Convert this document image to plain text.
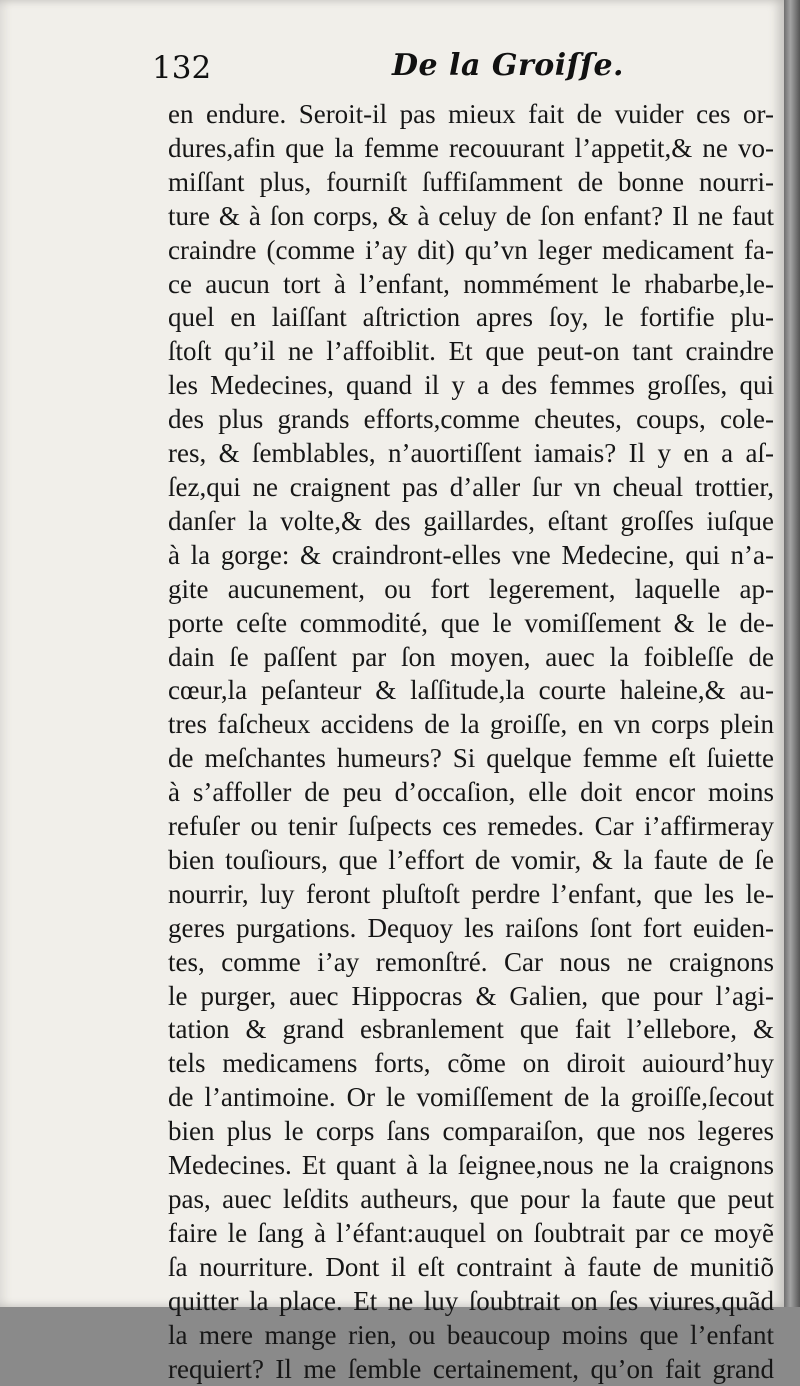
132	De la Groiſſe.
en endure. Seroit-il pas mieux fait de vuider ces or-
dures,afin que la femme recouurant l’appetit,& ne vo-
miſſant plus, fourniſt ſuffiſamment de bonne nourri-
ture & à ſon corps, & à celuy de ſon enfant? Il ne faut
craindre (comme i’ay dit) qu’vn leger medicament fa-
ce aucun tort à l’enfant, nommément le rhabarbe,le-
quel en laiſſant aſtriction apres ſoy, le fortifie plu-
ſtoſt qu’il ne l’affoiblit. Et que peut-on tant craindre
les Medecines, quand il y a des femmes groſſes, qui
des plus grands efforts,comme cheutes, coups, cole-
res, & ſemblables, n’auortiſſent iamais? Il y en a aſ-
ſez,qui ne craignent pas d’aller ſur vn cheual trottier,
danſer la volte,& des gaillardes, eſtant groſſes iuſque
à la gorge: & craindront-elles vne Medecine, qui n’a-
gite aucunement, ou fort legerement, laquelle ap-
porte ceſte commodité, que le vomiſſement & le de-
dain ſe paſſent par ſon moyen, auec la foibleſſe de
cœur,la peſanteur & laſſitude,la courte haleine,& au-
tres faſcheux accidens de la groiſſe, en vn corps plein
de meſchantes humeurs? Si quelque femme eſt ſuiette
à s’affoller de peu d’occaſion, elle doit encor moins
refuſer ou tenir ſuſpects ces remedes. Car i’affirmeray
bien touſiours, que l’effort de vomir, & la faute de ſe
nourrir, luy feront pluſtoſt perdre l’enfant, que les le-
geres purgations. Dequoy les raiſons ſont fort euiden-
tes, comme i’ay remonſtré. Car nous ne craignons
le purger, auec Hippocras & Galien, que pour l’agi-
tation & grand esbranlement que fait l’ellebore, &
tels medicamens forts, cõme on diroit auiourd’huy
de l’antimoine. Or le vomiſſement de la groiſſe,ſecout
bien plus le corps ſans comparaiſon, que nos legeres
Medecines. Et quant à la ſeignee,nous ne la craignons
pas, auec leſdits autheurs, que pour la faute que peut
faire le ſang à l’éfant:auquel on ſoubtrait par ce moyẽ
ſa nourriture. Dont il eſt contraint à faute de munitiõ
quitter la place. Et ne luy ſoubtrait on ſes viures,quãd
la mere mange rien, ou beaucoup moins que l’enfant
requiert? Il me ſemble certainement, qu’on fait grand
